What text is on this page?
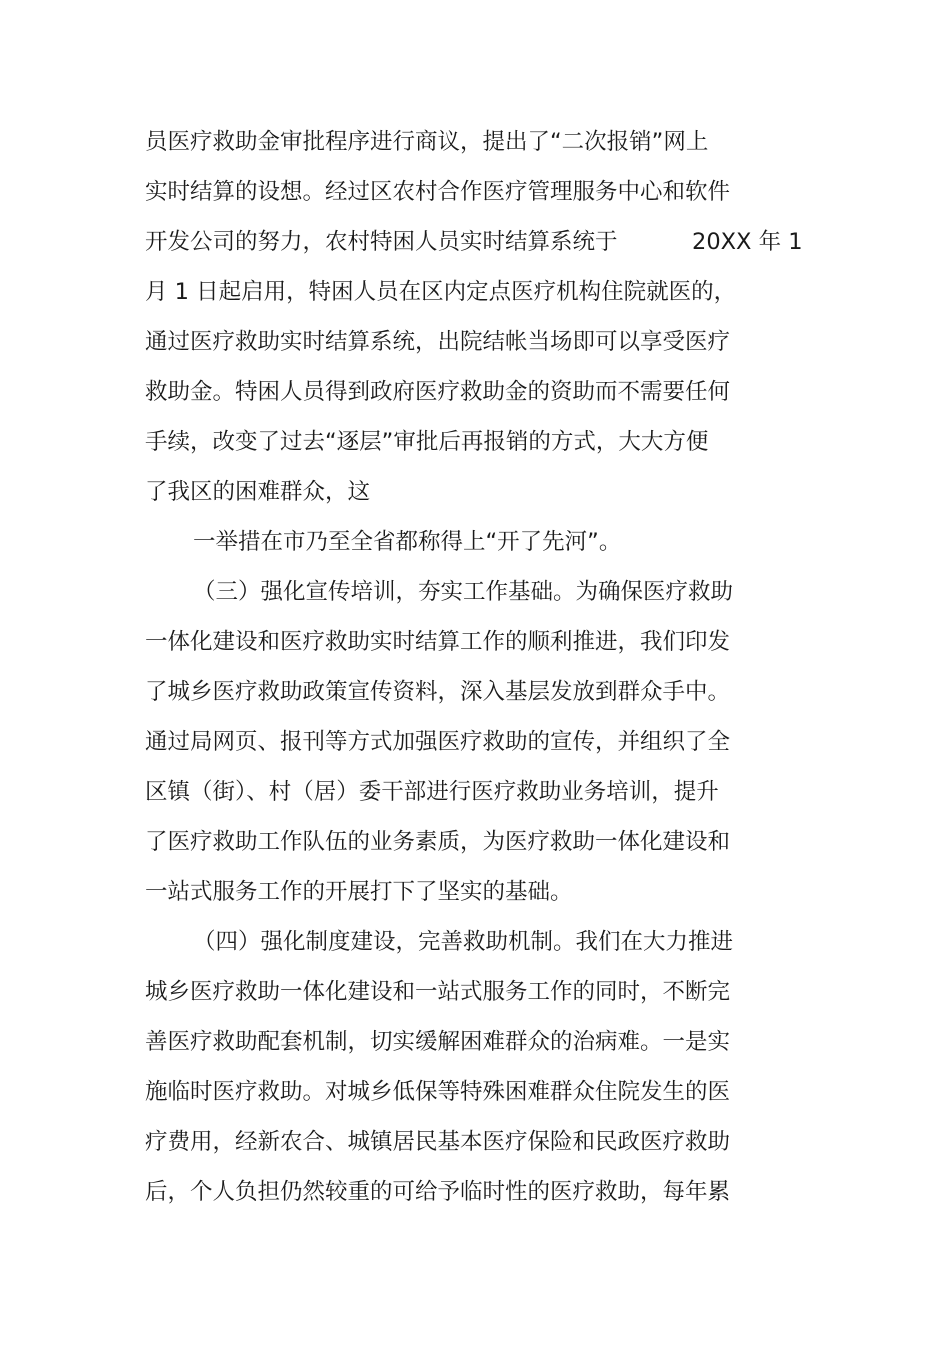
员医疗救助金审批程序进行商议，提出了“二次报销”网上

实时结算的设想。经过区农村合作医疗管理服务中心和软件

开发公司的努力，农村特困人员实时结算系统于	20XX 年 1

月 1 日起启用，特困人员在区内定点医疗机构住院就医的，

通过医疗救助实时结算系统，出院结帐当场即可以享受医疗

救助金。特困人员得到政府医疗救助金的资助而不需要任何

手续，改变了过去“逐层”审批后再报销的方式，大大方便

了我区的困难群众，这

一举措在市乃至全省都称得上“开了先河”。

（三）强化宣传培训，夯实工作基础。为确保医疗救助

一体化建设和医疗救助实时结算工作的顺利推进，我们印发

了城乡医疗救助政策宣传资料，深入基层发放到群众手中。

通过局网页、报刊等方式加强医疗救助的宣传，并组织了全

区镇（街）、村（居）委干部进行医疗救助业务培训，提升

了医疗救助工作队伍的业务素质，为医疗救助一体化建设和

一站式服务工作的开展打下了坚实的基础。

（四）强化制度建设，完善救助机制。我们在大力推进

城乡医疗救助一体化建设和一站式服务工作的同时，不断完

善医疗救助配套机制，切实缓解困难群众的治病难。一是实

施临时医疗救助。对城乡低保等特殊困难群众住院发生的医

疗费用，经新农合、城镇居民基本医疗保险和民政医疗救助

后，个人负担仍然较重的可给予临时性的医疗救助，每年累
